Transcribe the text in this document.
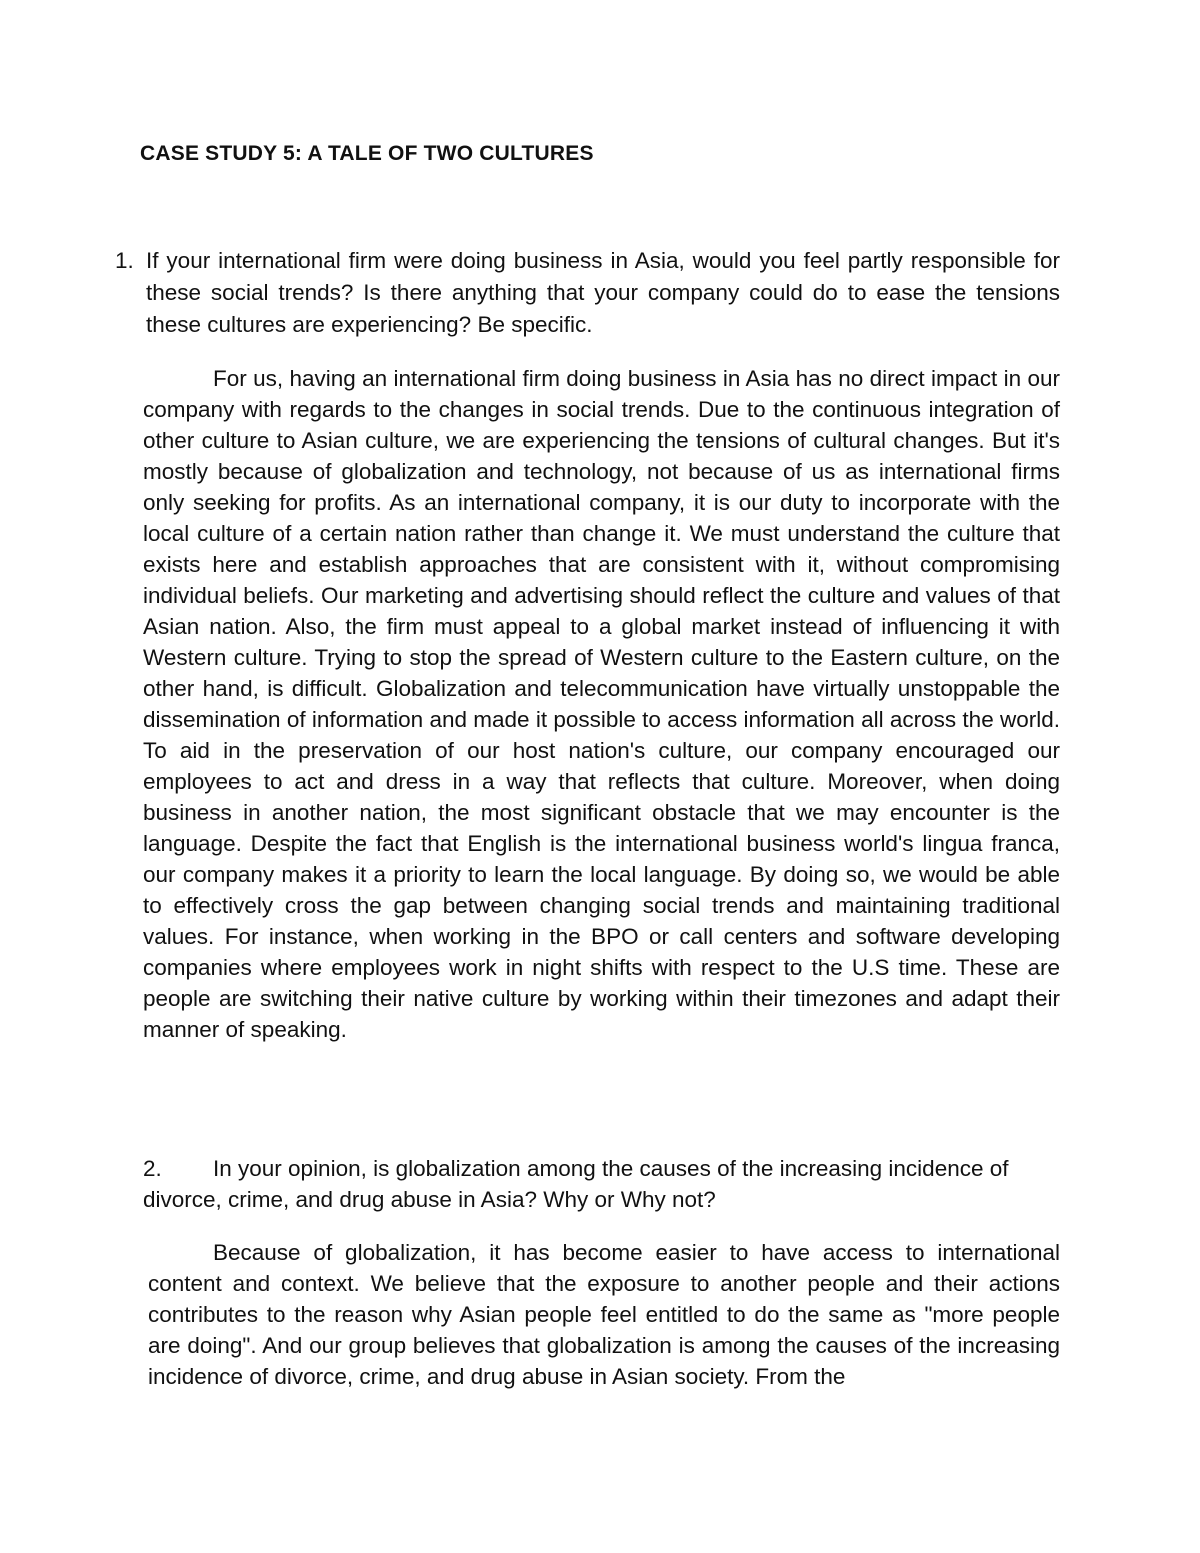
CASE STUDY 5: A TALE OF TWO CULTURES
1. If your international firm were doing business in Asia, would you feel partly responsible for these social trends? Is there anything that your company could do to ease the tensions these cultures are experiencing? Be specific.

For us, having an international firm doing business in Asia has no direct impact in our company with regards to the changes in social trends. Due to the continuous integration of other culture to Asian culture, we are experiencing the tensions of cultural changes. But it's mostly because of globalization and technology, not because of us as international firms only seeking for profits. As an international company, it is our duty to incorporate with the local culture of a certain nation rather than change it. We must understand the culture that exists here and establish approaches that are consistent with it, without compromising individual beliefs. Our marketing and advertising should reflect the culture and values of that Asian nation. Also, the firm must appeal to a global market instead of influencing it with Western culture. Trying to stop the spread of Western culture to the Eastern culture, on the other hand, is difficult. Globalization and telecommunication have virtually unstoppable the dissemination of information and made it possible to access information all across the world. To aid in the preservation of our host nation's culture, our company encouraged our employees to act and dress in a way that reflects that culture. Moreover, when doing business in another nation, the most significant obstacle that we may encounter is the language. Despite the fact that English is the international business world's lingua franca, our company makes it a priority to learn the local language. By doing so, we would be able to effectively cross the gap between changing social trends and maintaining traditional values. For instance, when working in the BPO or call centers and software developing companies where employees work in night shifts with respect to the U.S time. These are people are switching their native culture by working within their timezones and adapt their manner of speaking.

2. In your opinion, is globalization among the causes of the increasing incidence of divorce, crime, and drug abuse in Asia? Why or Why not?

Because of globalization, it has become easier to have access to international content and context. We believe that the exposure to another people and their actions contributes to the reason why Asian people feel entitled to do the same as "more people are doing". And our group believes that globalization is among the causes of the increasing incidence of divorce, crime, and drug abuse in Asian society. From the
